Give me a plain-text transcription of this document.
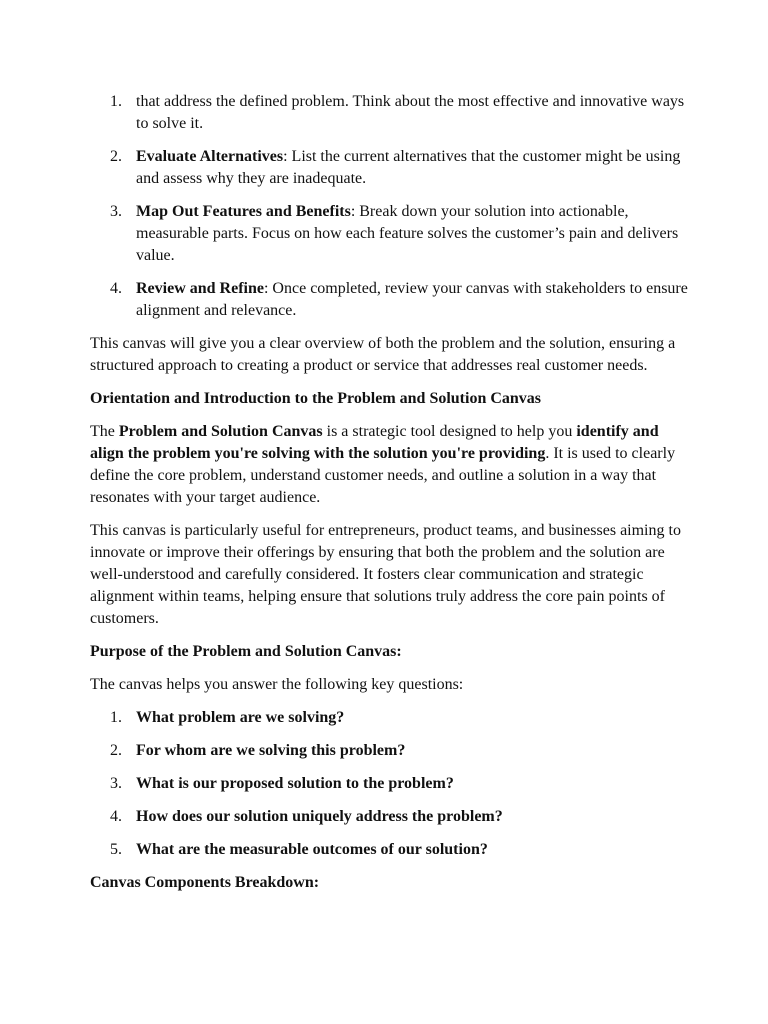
1. that address the defined problem. Think about the most effective and innovative ways to solve it.
2. Evaluate Alternatives: List the current alternatives that the customer might be using and assess why they are inadequate.
3. Map Out Features and Benefits: Break down your solution into actionable, measurable parts. Focus on how each feature solves the customer’s pain and delivers value.
4. Review and Refine: Once completed, review your canvas with stakeholders to ensure alignment and relevance.

This canvas will give you a clear overview of both the problem and the solution, ensuring a structured approach to creating a product or service that addresses real customer needs.

Orientation and Introduction to the Problem and Solution Canvas

The Problem and Solution Canvas is a strategic tool designed to help you identify and align the problem you're solving with the solution you're providing. It is used to clearly define the core problem, understand customer needs, and outline a solution in a way that resonates with your target audience.

This canvas is particularly useful for entrepreneurs, product teams, and businesses aiming to innovate or improve their offerings by ensuring that both the problem and the solution are well-understood and carefully considered. It fosters clear communication and strategic alignment within teams, helping ensure that solutions truly address the core pain points of customers.

Purpose of the Problem and Solution Canvas:

The canvas helps you answer the following key questions:

1. What problem are we solving?
2. For whom are we solving this problem?
3. What is our proposed solution to the problem?
4. How does our solution uniquely address the problem?
5. What are the measurable outcomes of our solution?

Canvas Components Breakdown:
